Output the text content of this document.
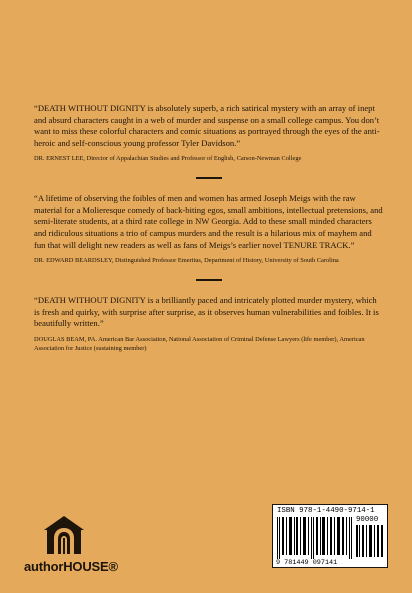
“DEATH WITHOUT DIGNITY is absolutely superb, a rich satirical mystery with an array of inept and absurd characters caught in a web of murder and suspense on a small college campus. You don’t want to miss these colorful characters and comic situations as portrayed through the eyes of the anti-heroic and self-conscious young professor Tyler Davidson.”

DR. ERNEST LEE, Director of Appalachian Studies and Professor of English, Carson-Newman College

“A lifetime of observing the foibles of men and women has armed Joseph Meigs with the raw material for a Molieresque comedy of back-biting egos, small ambitions, intellectual pretensions, and semi-literate students, at a third rate college in NW Georgia. Add to these small minded characters and ridiculous situations a trio of campus murders and the result is a hilarious mix of mayhem and fun that will delight new readers as well as fans of Meigs’s earlier novel TENURE TRACK.”

DR. EDWARD BEARDSLEY, Distinguished Professor Emeritus, Department of History, University of South Carolina

“DEATH WITHOUT DIGNITY is a brilliantly paced and intricately plotted murder mystery, which is fresh and quirky, with surprise after surprise, as it observes human vulnerabilities and foibles. It is beautifully written.”

DOUGLAS BEAM, PA. American Bar Association, National Association of Criminal Defense Lawyers (life member), American Association for Justice (sustaining member)

authorHOUSE®
ISBN 978-1-4490-9714-1
90000
9 781449 097141
